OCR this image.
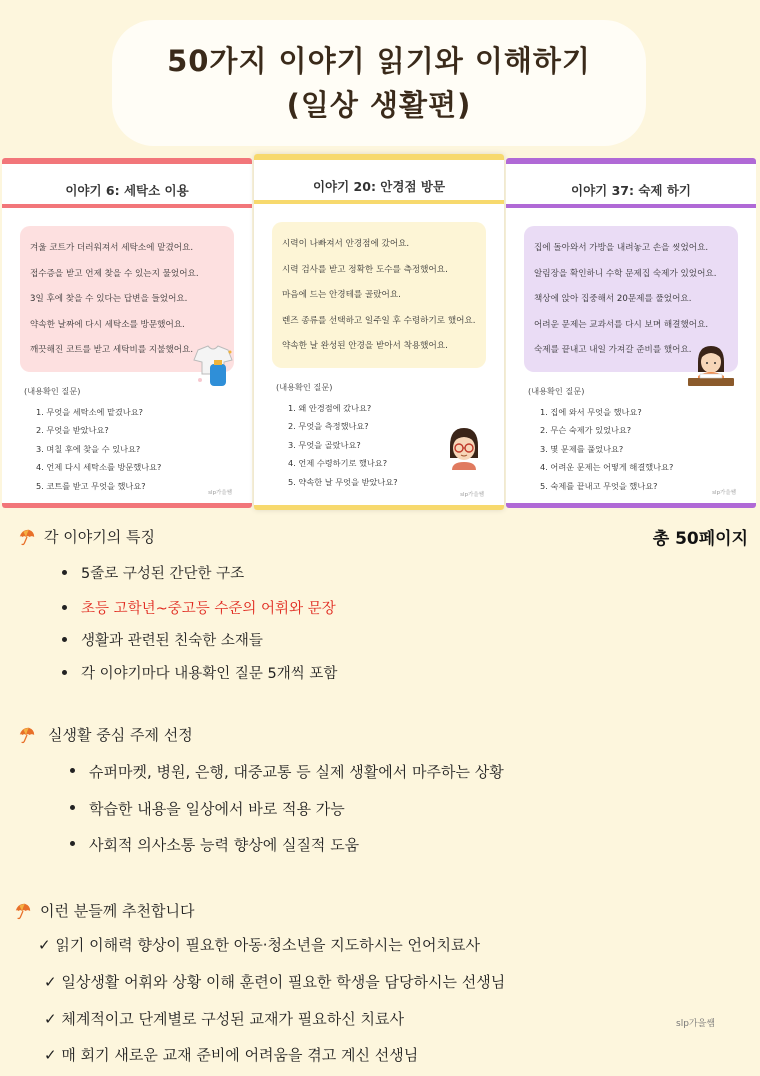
50가지 이야기 읽기와 이해하기
(일상 생활편)
이야기 6: 세탁소 이용
겨울 코트가 더러워져서 세탁소에 맡겼어요.
접수증을 받고 언제 찾을 수 있는지 물었어요.
3일 후에 찾을 수 있다는 답변을 들었어요.
약속한 날짜에 다시 세탁소를 방문했어요.
깨끗해진 코트를 받고 세탁비를 지불했어요.
(내용확인 질문)
1. 무엇을 세탁소에 맡겼나요?
2. 무엇을 받았나요?
3. 며칠 후에 찾을 수 있나요?
4. 언제 다시 세탁소를 방문했나요?
5. 코트를 받고 무엇을 했나요?
slp가을쌤
이야기 20: 안경점 방문
시력이 나빠져서 안경점에 갔어요.
시력 검사를 받고 정확한 도수를 측정했어요.
마음에 드는 안경테를 골랐어요.
렌즈 종류를 선택하고 일주일 후 수령하기로 했어요.
약속한 날 완성된 안경을 받아서 착용했어요.
(내용확인 질문)
1. 왜 안경점에 갔나요?
2. 무엇을 측정했나요?
3. 무엇을 골랐나요?
4. 언제 수령하기로 했나요?
5. 약속한 날 무엇을 받았나요?
slp가을쌤
이야기 37: 숙제 하기
집에 돌아와서 가방을 내려놓고 손을 씻었어요.
알림장을 확인하니 수학 문제집 숙제가 있었어요.
책상에 앉아 집중해서 20문제를 풀었어요.
어려운 문제는 교과서를 다시 보며 해결했어요.
숙제를 끝내고 내일 가져갈 준비를 했어요.
(내용확인 질문)
1. 집에 와서 무엇을 했나요?
2. 무슨 숙제가 있었나요?
3. 몇 문제를 풀었나요?
4. 어려운 문제는 어떻게 해결했나요?
5. 숙제를 끝내고 무엇을 했나요?
slp가을쌤
총 50페이지
각 이야기의 특징
5줄로 구성된 간단한 구조
초등 고학년~중고등 수준의 어휘와 문장
생활과 관련된 친숙한 소재들
각 이야기마다 내용확인 질문 5개씩 포함
실생활 중심 주제 선정
슈퍼마켓, 병원, 은행, 대중교통 등 실제 생활에서 마주하는 상황
학습한 내용을 일상에서 바로 적용 가능
사회적 의사소통 능력 향상에 실질적 도움
이런 분들께 추천합니다
✓ 읽기 이해력 향상이 필요한 아동·청소년을 지도하시는 언어치료사
✓ 일상생활 어휘와 상황 이해 훈련이 필요한 학생을 담당하시는 선생님
✓ 체계적이고 단계별로 구성된 교재가 필요하신 치료사
✓ 매 회기 새로운 교재 준비에 어려움을 겪고 계신 선생님
slp가을쌤
